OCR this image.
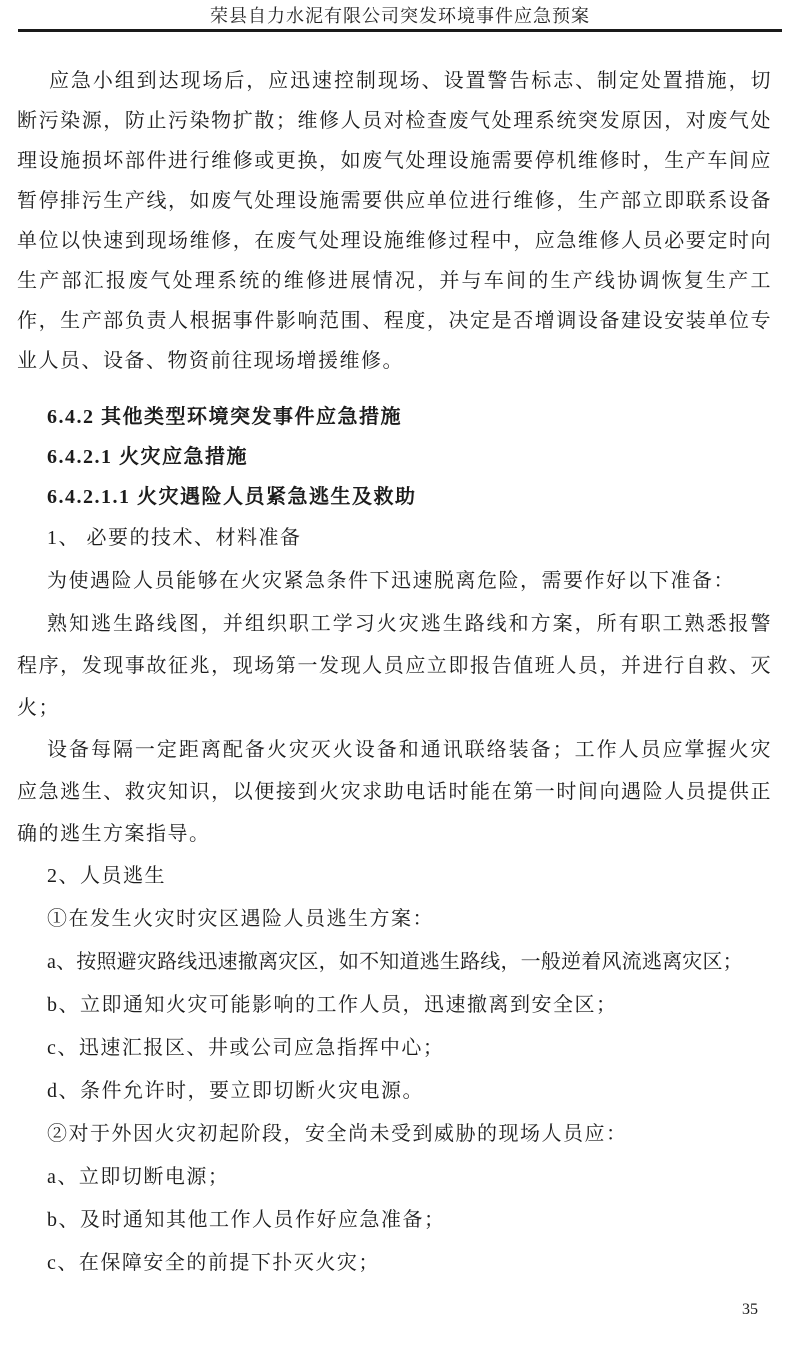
荣县自力水泥有限公司突发环境事件应急预案

应急小组到达现场后，应迅速控制现场、设置警告标志、制定处置措施，切断污染源，防止污染物扩散；维修人员对检查废气处理系统突发原因，对废气处理设施损坏部件进行维修或更换，如废气处理设施需要停机维修时，生产车间应暂停排污生产线，如废气处理设施需要供应单位进行维修，生产部立即联系设备单位以快速到现场维修，在废气处理设施维修过程中，应急维修人员必要定时向生产部汇报废气处理系统的维修进展情况，并与车间的生产线协调恢复生产工作，生产部负责人根据事件影响范围、程度，决定是否增调设备建设安装单位专业人员、设备、物资前往现场增援维修。

6.4.2 其他类型环境突发事件应急措施
6.4.2.1 火灾应急措施
6.4.2.1.1 火灾遇险人员紧急逃生及救助

1、 必要的技术、材料准备

为使遇险人员能够在火灾紧急条件下迅速脱离危险，需要作好以下准备：

熟知逃生路线图，并组织职工学习火灾逃生路线和方案，所有职工熟悉报警程序，发现事故征兆，现场第一发现人员应立即报告值班人员，并进行自救、灭火；

设备每隔一定距离配备火灾灭火设备和通讯联络装备；工作人员应掌握火灾应急逃生、救灾知识，以便接到火灾求助电话时能在第一时间向遇险人员提供正确的逃生方案指导。

2、人员逃生

①在发生火灾时灾区遇险人员逃生方案：

a、按照避灾路线迅速撤离灾区，如不知道逃生路线，一般逆着风流逃离灾区；

b、立即通知火灾可能影响的工作人员，迅速撤离到安全区；

c、迅速汇报区、井或公司应急指挥中心；

d、条件允许时，要立即切断火灾电源。

②对于外因火灾初起阶段，安全尚未受到威胁的现场人员应：

a、立即切断电源；

b、及时通知其他工作人员作好应急准备；

c、在保障安全的前提下扑灭火灾；

35
